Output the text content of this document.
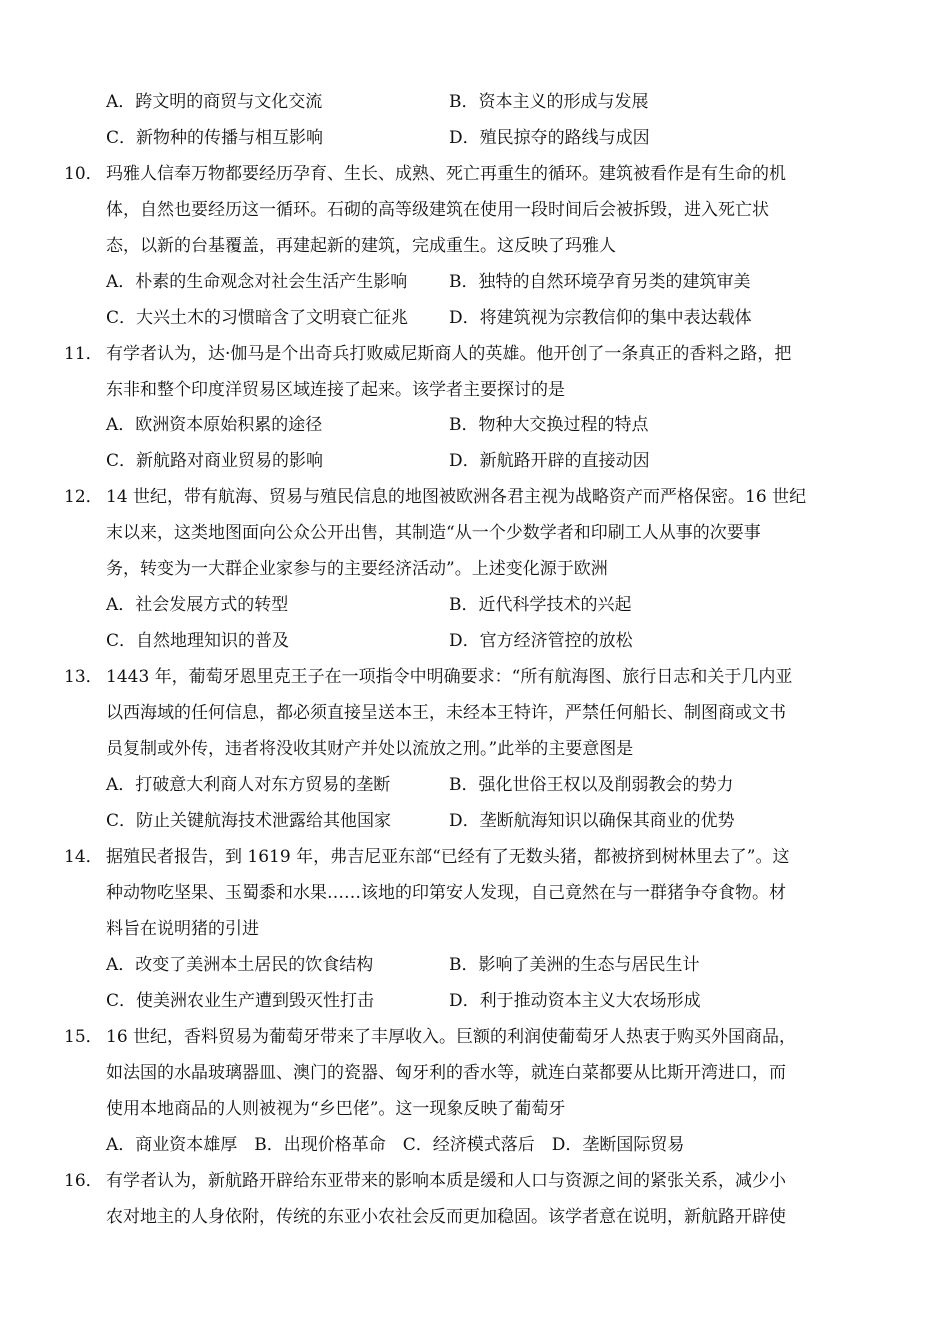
A．跨文明的商贸与文化交流	B．资本主义的形成与发展
C．新物种的传播与相互影响	D．殖民掠夺的路线与成因
10． 玛雅人信奉万物都要经历孕育、生长、成熟、死亡再重生的循环。建筑被看作是有生命的机
体，自然也要经历这一循环。石砌的高等级建筑在使用一段时间后会被拆毁，进入死亡状
态，以新的台基覆盖，再建起新的建筑，完成重生。这反映了玛雅人
A．朴素的生命观念对社会生活产生影响 B．独特的自然环境孕育另类的建筑审美
C．大兴土木的习惯暗含了文明衰亡征兆 D．将建筑视为宗教信仰的集中表达载体
11． 有学者认为，达·伽马是个出奇兵打败威尼斯商人的英雄。他开创了一条真正的香料之路，把
东非和整个印度洋贸易区域连接了起来。该学者主要探讨的是
A．欧洲资本原始积累的途径	B．物种大交换过程的特点
C．新航路对商业贸易的影响	D．新航路开辟的直接动因
12． 14 世纪，带有航海、贸易与殖民信息的地图被欧洲各君主视为战略资产而严格保密。16 世纪
末以来，这类地图面向公众公开出售，其制造“从一个少数学者和印刷工人从事的次要事
务，转变为一大群企业家参与的主要经济活动”。上述变化源于欧洲
A．社会发展方式的转型	B．近代科学技术的兴起
C．自然地理知识的普及	D．官方经济管控的放松
13． 1443 年，葡萄牙恩里克王子在一项指令中明确要求：“所有航海图、旅行日志和关于几内亚
以西海域的任何信息，都必须直接呈送本王，未经本王特许，严禁任何船长、制图商或文书
员复制或外传，违者将没收其财产并处以流放之刑。”此举的主要意图是
A．打破意大利商人对东方贸易的垄断	B．强化世俗王权以及削弱教会的势力
C．防止关键航海技术泄露给其他国家	D．垄断航海知识以确保其商业的优势
14． 据殖民者报告，到 1619 年，弗吉尼亚东部“已经有了无数头猪，都被挤到树林里去了”。这
种动物吃坚果、玉蜀黍和水果……该地的印第安人发现，自己竟然在与一群猪争夺食物。材
料旨在说明猪的引进
A．改变了美洲本土居民的饮食结构	B．影响了美洲的生态与居民生计
C．使美洲农业生产遭到毁灭性打击	D．利于推动资本主义大农场形成
15． 16 世纪，香料贸易为葡萄牙带来了丰厚收入。巨额的利润使葡萄牙人热衷于购买外国商品，
如法国的水晶玻璃器皿、澳门的瓷器、匈牙利的香水等，就连白菜都要从比斯开湾进口，而
使用本地商品的人则被视为“乡巴佬”。这一现象反映了葡萄牙
A．商业资本雄厚　B．出现价格革命　C．经济模式落后　D．垄断国际贸易
16． 有学者认为，新航路开辟给东亚带来的影响本质是缓和人口与资源之间的紧张关系，减少小
农对地主的人身依附，传统的东亚小农社会反而更加稳固。该学者意在说明，新航路开辟使
